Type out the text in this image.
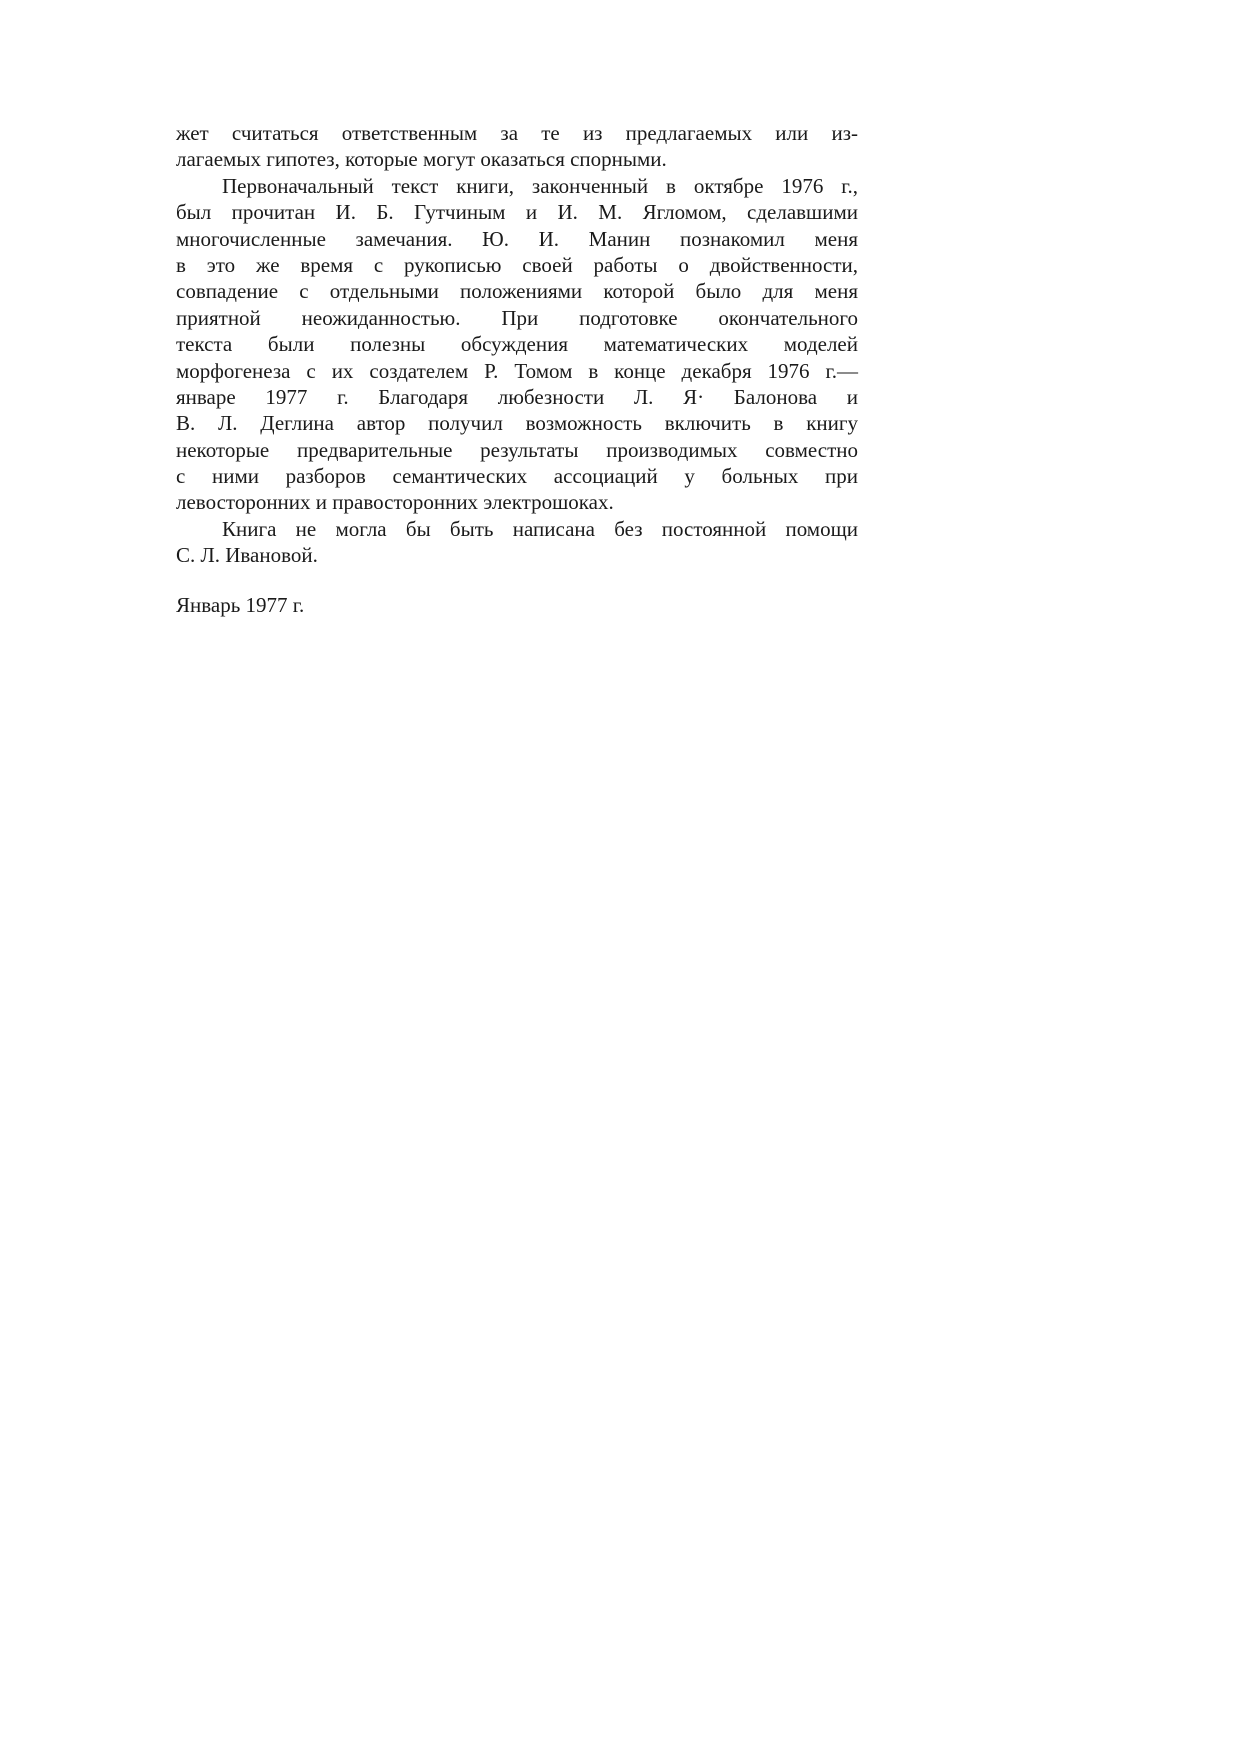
жет считаться ответственным за те из предлагаемых или из-
лагаемых гипотез, которые могут оказаться спорными.
Первоначальный текст книги, законченный в октябре 1976 г.,
был прочитан И. Б. Гутчиным и И. М. Ягломом, сделавшими
многочисленные замечания. Ю. И. Манин познакомил меня
в это же время с рукописью своей работы о двойственности,
совпадение с отдельными положениями которой было для меня
приятной неожиданностью. При подготовке окончательного
текста были полезны обсуждения математических моделей
морфогенеза с их создателем Р. Томом в конце декабря 1976 г.—
январе 1977 г. Благодаря любезности Л. Я· Балонова и
В. Л. Деглина автор получил возможность включить в книгу
некоторые предварительные результаты производимых совместно
с ними разборов семантических ассоциаций у больных при
левосторонних и правосторонних электрошоках.
Книга не могла бы быть написана без постоянной помощи
С. Л. Ивановой.
Январь 1977 г.
